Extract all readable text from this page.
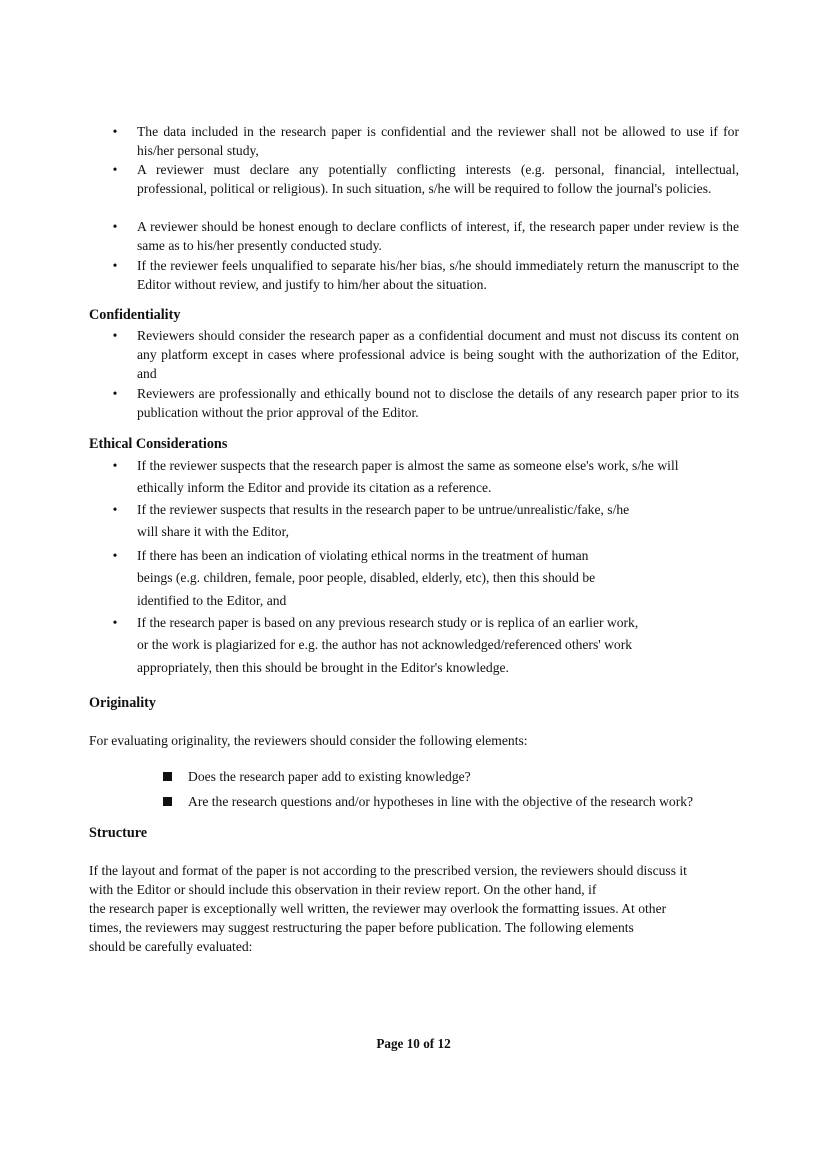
• The data included in the research paper is confidential and the reviewer shall not be allowed to use if for his/her personal study,
• A reviewer must declare any potentially conflicting interests (e.g. personal, financial, intellectual, professional, political or religious). In such situation, s/he will be required to follow the journal's policies.
• A reviewer should be honest enough to declare conflicts of interest, if, the research paper under review is the same as to his/her presently conducted study.
• If the reviewer feels unqualified to separate his/her bias, s/he should immediately return the manuscript to the Editor without review, and justify to him/her about the situation.
Confidentiality
• Reviewers should consider the research paper as a confidential document and must not discuss its content on any platform except in cases where professional advice is being sought with the authorization of the Editor, and
• Reviewers are professionally and ethically bound not to disclose the details of any research paper prior to its publication without the prior approval of the Editor.
Ethical Considerations
• If the reviewer suspects that the research paper is almost the same as someone else's work, s/he will
ethically inform the Editor and provide its citation as a reference.
• If the reviewer suspects that results in the research paper to be untrue/unrealistic/fake, s/he
will share it with the Editor,
• If there has been an indication of violating ethical norms in the treatment of human
beings (e.g. children, female, poor people, disabled, elderly, etc), then this should be
identified to the Editor, and
• If the research paper is based on any previous research study or is replica of an earlier work,
or the work is plagiarized for e.g. the author has not acknowledged/referenced others' work
appropriately, then this should be brought in the Editor's knowledge.
Originality
For evaluating originality, the reviewers should consider the following elements:
Does the research paper add to existing knowledge?
Are the research questions and/or hypotheses in line with the objective of the research work?
Structure
If the layout and format of the paper is not according to the prescribed version, the reviewers should discuss it
with the Editor or should include this observation in their review report. On the other hand, if
the research paper is exceptionally well written, the reviewer may overlook the formatting issues. At other
times, the reviewers may suggest restructuring the paper before publication. The following elements
should be carefully evaluated:
Page 10 of 12
